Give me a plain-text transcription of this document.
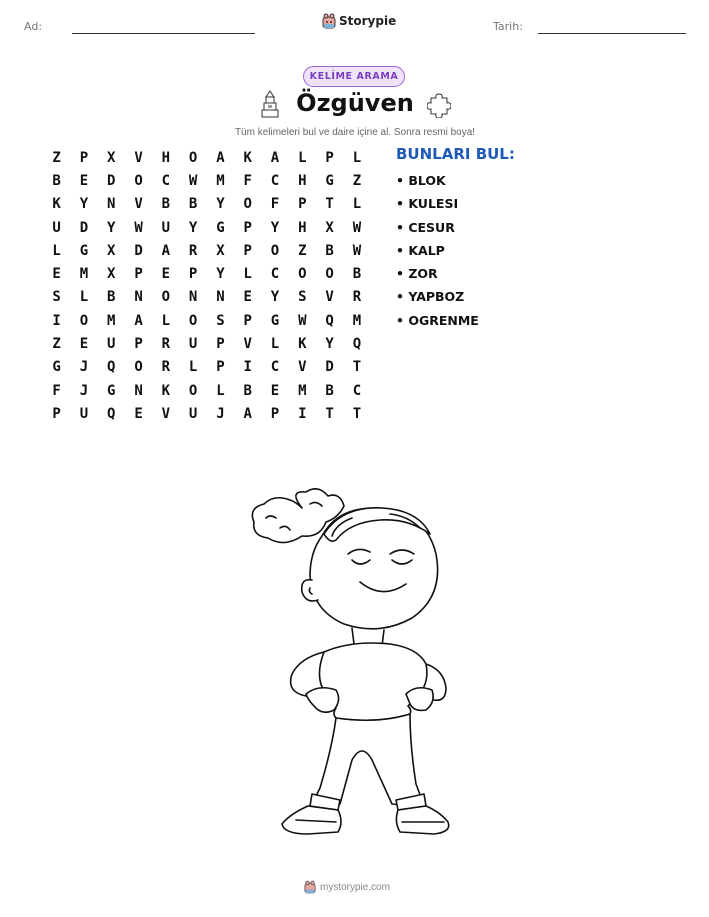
Ad:	Storypie	Tarih:
KELİME ARAMA
Özgüven
Tüm kelimeleri bul ve daire içine al. Sonra resmi boya!
Z	P	X	V	H	O	A	K	A	L	P	L
B	E	D	O	C	W	M	F	C	H	G	Z
K	Y	N	V	B	B	Y	O	F	P	T	L
U	D	Y	W	U	Y	G	P	Y	H	X	W
L	G	X	D	A	R	X	P	O	Z	B	W
E	M	X	P	E	P	Y	L	C	O	O	B
S	L	B	N	O	N	N	E	Y	S	V	R
I	O	M	A	L	O	S	P	G	W	Q	M
Z	E	U	P	R	U	P	V	L	K	Y	Q
G	J	Q	O	R	L	P	I	C	V	D	T
F	J	G	N	K	O	L	B	E	M	B	C
P	U	Q	E	V	U	J	A	P	I	T	T
BUNLARI BUL:
• BLOK
• KULESI
• CESUR
• KALP
• ZOR
• YAPBOZ
• OGRENME
mystorypie.com
